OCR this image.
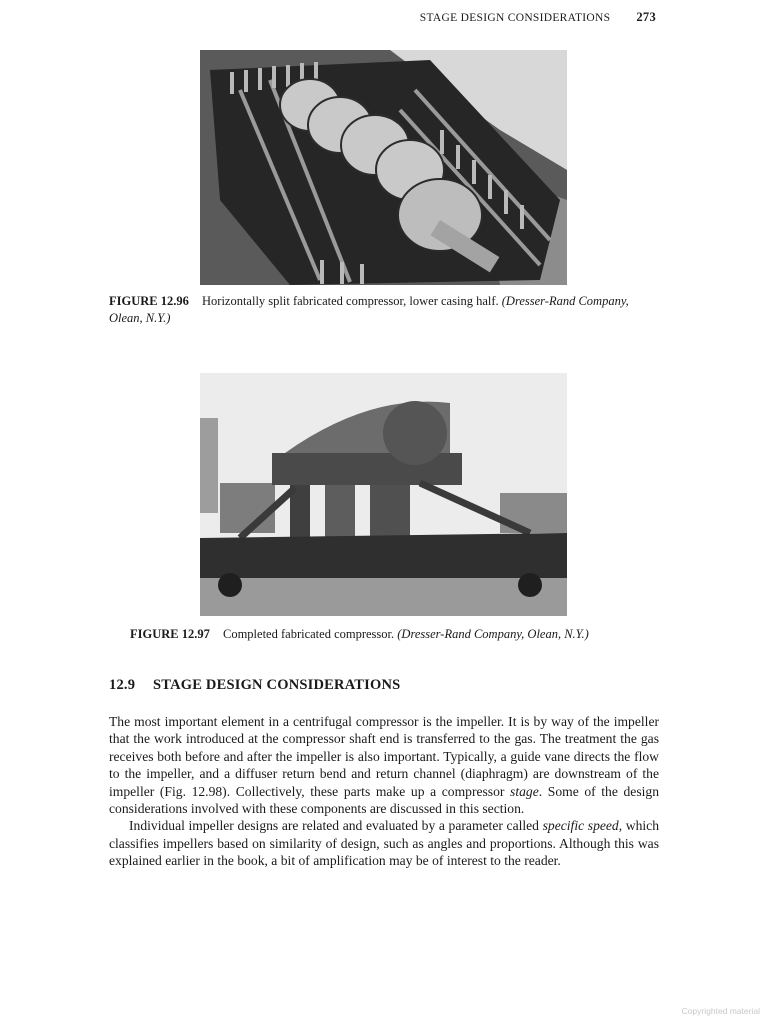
STAGE DESIGN CONSIDERATIONS 273
FIGURE 12.96 Horizontally split fabricated compressor, lower casing half. (Dresser-Rand Company, Olean, N.Y.)
FIGURE 12.97 Completed fabricated compressor. (Dresser-Rand Company, Olean, N.Y.)
12.9 STAGE DESIGN CONSIDERATIONS

The most important element in a centrifugal compressor is the impeller. It is by way of the impeller that the work introduced at the compressor shaft end is transferred to the gas. The treatment the gas receives both before and after the impeller is also important. Typically, a guide vane directs the flow to the impeller, and a diffuser return bend and return channel (diaphragm) are downstream of the impeller (Fig. 12.98). Collectively, these parts make up a compressor stage. Some of the design considerations involved with these components are discussed in this section.

Individual impeller designs are related and evaluated by a parameter called specific speed, which classifies impellers based on similarity of design, such as angles and proportions. Although this was explained earlier in the book, a bit of amplification may be of interest to the reader.

Copyrighted material
